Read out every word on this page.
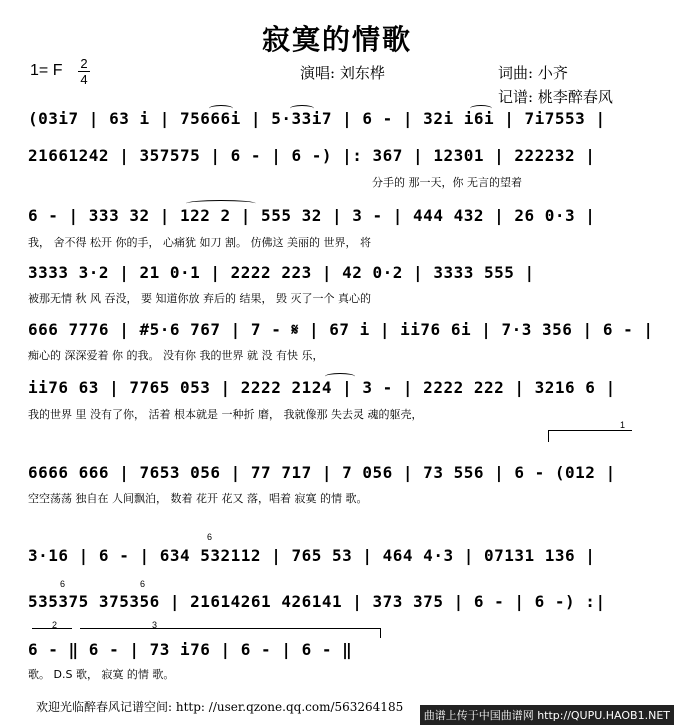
寂寞的情歌
1= F 2
4	演唱: 刘东桦	词曲: 小齐
记谱: 桃李醉春风
(03i7 | 63 i | 75666i | 5·33i7 | 6 - | 32i i6i | 7i7553 |
21661242 | 357575 | 6 - | 6 -) |: 367 | 12301 | 222232 |
分手的 那一天，你 无言的望着
6 - | 333 32 | 122 2 | 555 32 | 3 - | 444 432 | 26 0·3 |
我， 舍不得 松开 你的手， 心痛犹 如刀 割。 仿佛这 美丽的 世界， 将
3333 3·2 | 21 0·1 | 2222 223 | 42 0·2 | 3333 555 |
被那无情 秋 风 吞没， 要 知道你放 弃后的 结果， 毁 灭了一个 真心的
666 7776 | #5·6 767 | 7 - 𝄋 | 67 i | ii76 6i | 7·3 356 | 6 - |
痴心的 深深爱着 你 的我。 没有你 我的世界 就 没 有快 乐，
ii76 63 | 7765 053 | 2222 2124 | 3 - | 2222 222 | 3216 6 |
我的世界 里 没有了你， 活着 根本就是 一种折 磨， 我就像那 失去灵 魂的躯壳，
1
6666 666 | 7653 056 | 77 717 | 7 056 | 73 556 | 6 - (012 |
空空荡荡 独自在 人间飘泊， 数着 花开 花又 落，唱着 寂寞 的情 歌。
3·16 | 6 - | 634 532112 | 765 53 | 464 4·3 | 07131 136 |
6
535375 375356 | 21614261 426141 | 373 375 | 6 - | 6 -) :|
6	6
2	3
6 - ‖ 6 - | 73 i76 | 6 - | 6 - ‖
歌。 D.S 歌， 寂寞 的情 歌。
欢迎光临醉春风记谱空间: http: //user.qzone.qq.com/563264185
曲谱上传于中国曲谱网 http://QUPU.HAOB1.NET
